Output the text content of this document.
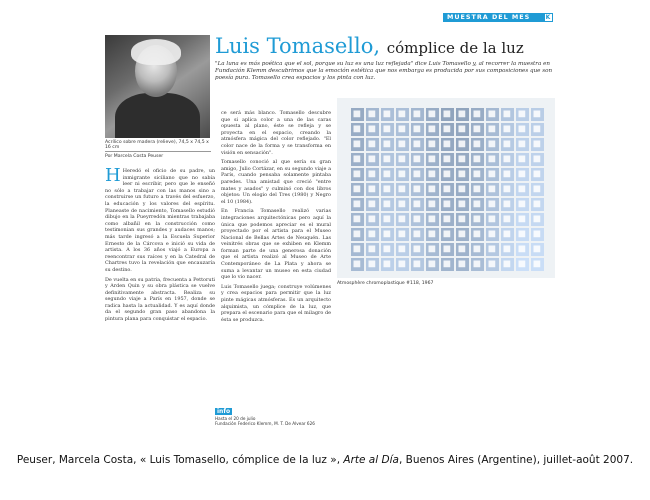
MUESTRA DEL MES	K
Acrílico sobre madera (relieve), 74,5 x 74,5 x 16 cm
Por Marcela Costa Peuser
Luis Tomasello, cómplice de la luz
"La luna es más poética que el sol, porque su luz es una luz reflejada" dice Luis Tomasello y, al recorrer la muestra en Fundación Klemm descubrimos que la emoción estética que nos embarga es producida por sus composiciones que son poesía pura. Tomasello crea espacios y los pinta con luz.

H Heredó el oficio de su padre, un inmigrante siciliano que no sabía leer ni escribir, pero que le enseñó no sólo a trabajar con las manos sino a construirse un futuro a través del esfuerzo, la educación y los valores del espíritu. Planeaste de nacimiento, Tomasello estudió dibujo en la Pueyrredón mientras trabajaba como albañil en la construcción como testimonian sus grandes y audaces manos; más tarde ingresó a la Escuela Superior Ernesto de la Cárcova e inició su vida de artista. A los 36 años viajó a Europa a reencontrar sus raíces y en la Catedral de Chartres tuvo la revelación que encauzaría su destino.

De vuelta en su patria, frecuenta a Pettoruti y Arden Quin y su obra plástica se vuelve definitivamente abstracta. Realiza su segundo viaje a París en 1957, donde se radica hasta la actualidad. Y es aquí donde da el segundo gran paso abandona la pintura plana para conquistar el espacio.

ce será más blanco. Tomasello descubre que si aplica color a una de las caras opuesta al plano, éste se refleja y se proyecta en el espacio, creando la atmósfera mágica del color reflejado. "El color nace de la forma y se transforma en visión en sensación".

Tomasello conoció al que sería su gran amigo, Julio Cortázar, en su segundo viaje a París, cuando pensaba solamente pintaba paredes. Una amistad que creció "entre mates y asados" y culminó con dos libros objetos: Un elogio del Tres (1980) y Negro el 10 (1984).

En Francia Tomasello realizó varias integraciones arquitectónicas pero aquí la única que podemos apreciar es el mural proyectado por el artista para el Museo Nacional de Bellas Artes de Neuquén. Las veinitrés obras que se exhiben en Klemm forman parte de una generosa donación que el artista realizó al Museo de Arte Contemporáneo de La Plata y ahora se suma a levantar un museo en esta ciudad que lo vio nacer.

Luis Tomasello juega; construye volúmenes y crea espacios para permitir que la luz pinte mágicas atmósferas. Es un arquitecto alquimista, un cómplice de la luz, que prepara el escenario para que el milagro de ésta se produzca.

Atmosphère chromoplastique #118, 1967
info
Hasta el 20 de julio
Fundación Federico Klemm, M. T. De Alvear 626
Peuser, Marcela Costa, « Luis Tomasello, cómplice de la luz », Arte al Día, Buenos Aires (Argentine), juillet-août 2007.
